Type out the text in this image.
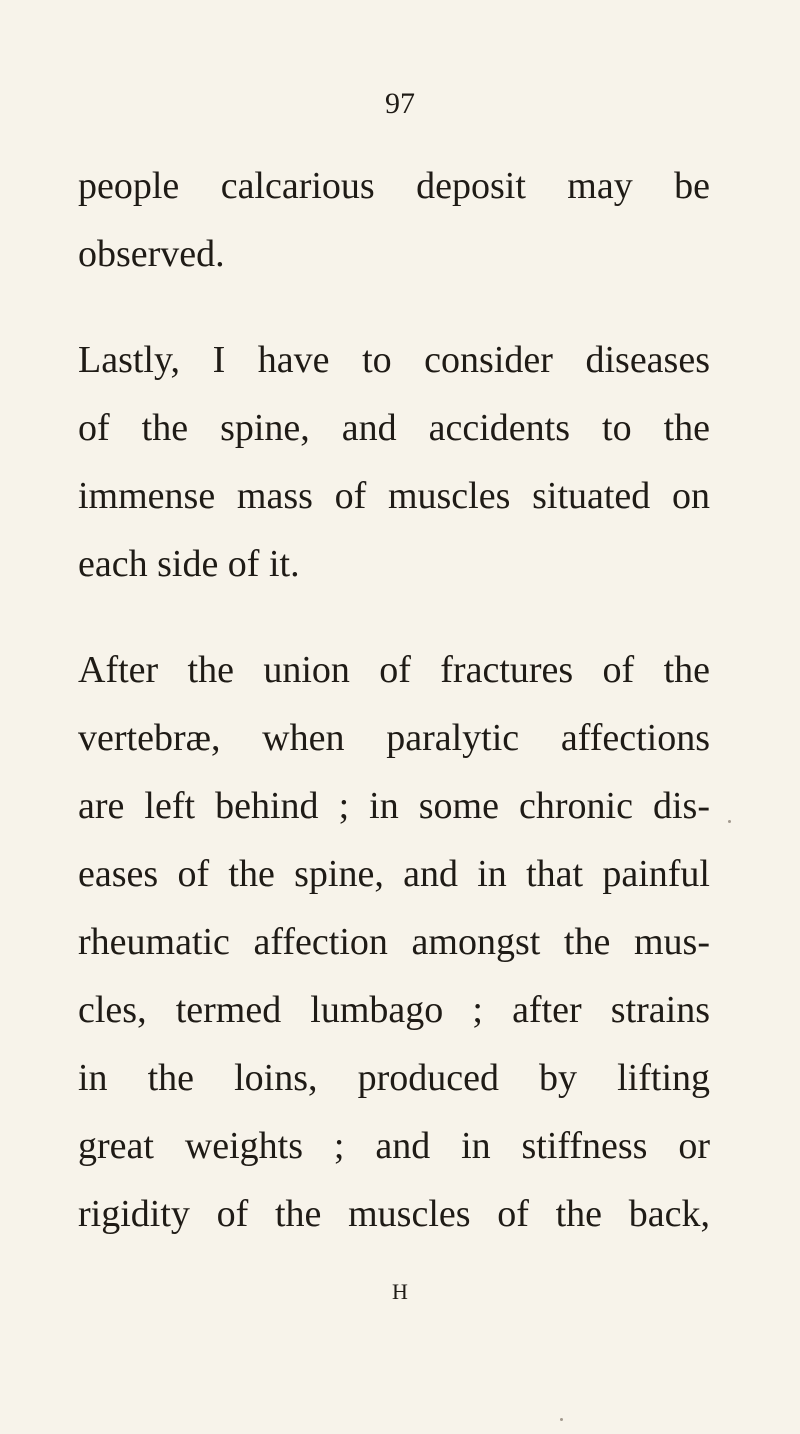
97
people calcarious deposit may be
observed.
Lastly, I have to consider diseases
of the spine, and accidents to the
immense mass of muscles situated on
each side of it.
After the union of fractures of the
vertebræ, when paralytic affections
are left behind ; in some chronic dis-
eases of the spine, and in that painful
rheumatic affection amongst the mus-
cles, termed lumbago ; after strains
in the loins, produced by lifting
great weights ; and in stiffness or
rigidity of the muscles of the back,
H
